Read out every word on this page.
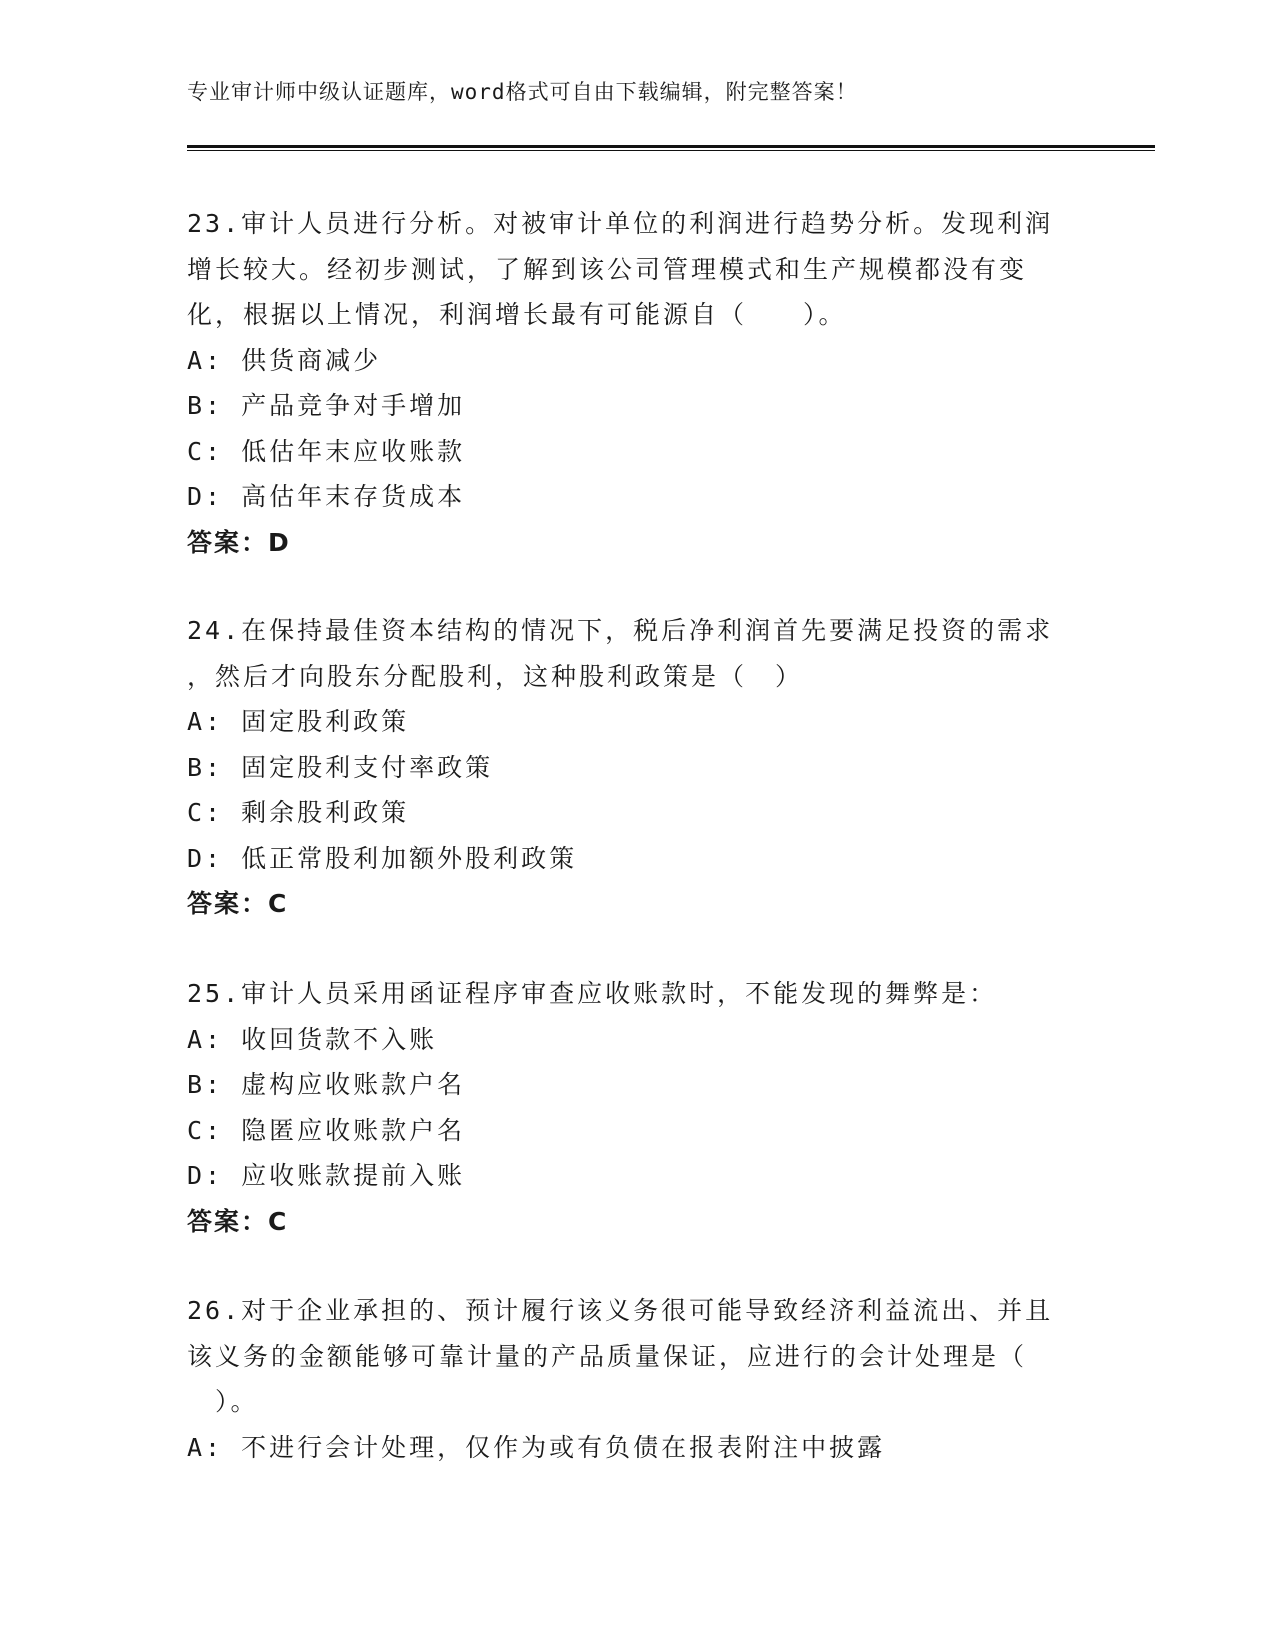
专业审计师中级认证题库，word格式可自由下载编辑，附完整答案！

23.审计人员进行分析。对被审计单位的利润进行趋势分析。发现利润
增长较大。经初步测试，了解到该公司管理模式和生产规模都没有变
化，根据以上情况，利润增长最有可能源自（　　）。

A: 供货商减少

B: 产品竞争对手增加

C: 低估年末应收账款

D: 高估年末存货成本

答案：D

24.在保持最佳资本结构的情况下，税后净利润首先要满足投资的需求
，然后才向股东分配股利，这种股利政策是（　）

A: 固定股利政策

B: 固定股利支付率政策

C: 剩余股利政策

D: 低正常股利加额外股利政策

答案：C

25.审计人员采用函证程序审查应收账款时，不能发现的舞弊是：

A: 收回货款不入账

B: 虚构应收账款户名

C: 隐匿应收账款户名

D: 应收账款提前入账

答案：C

26.对于企业承担的、预计履行该义务很可能导致经济利益流出、并且
该义务的金额能够可靠计量的产品质量保证，应进行的会计处理是（
　）。

A: 不进行会计处理，仅作为或有负债在报表附注中披露
